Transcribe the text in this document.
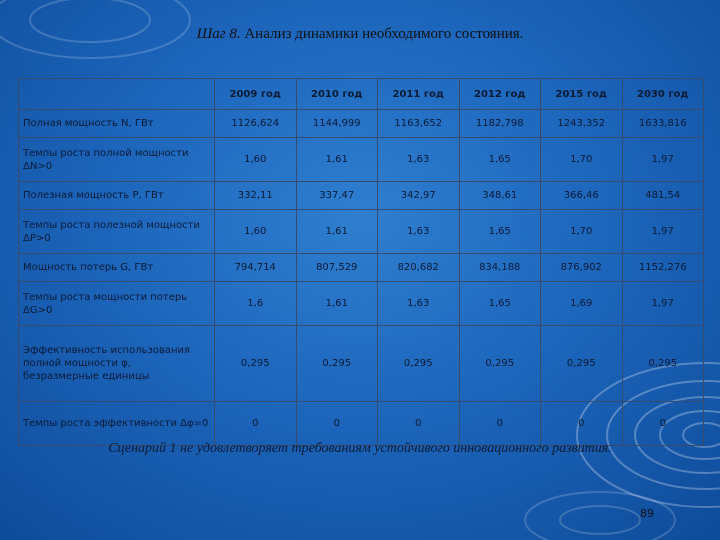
Шаг 8. Анализ динамики необходимого состояния.
	2009 год	2010 год	2011 год	2012 год	2015 год	2030 год
Полная мощность N, ГВт	1126,624	1144,999	1163,652	1182,798	1243,352	1633,816
Темпы роста полной мощности ΔN>0	1,60	1,61	1,63	1,65	1,70	1,97
Полезная мощность P, ГВт	332,11	337,47	342,97	348,61	366,46	481,54
Темпы роста полезной мощности ΔP>0	1,60	1,61	1,63	1,65	1,70	1,97
Мощность потерь G, ГВт	794,714	807,529	820,682	834,188	876,902	1152,276
Темпы роста мощности потерь ΔG>0	1,6	1,61	1,63	1,65	1,69	1,97
Эффективность использования полной мощности φ, безразмерные единицы	0,295	0,295	0,295	0,295	0,295	0,295
Темпы роста эффективности Δφ=0	0	0	0	0	0	0
Сценарий 1 не удовлетворяет требованиям устойчивого инновационного развития.
89
